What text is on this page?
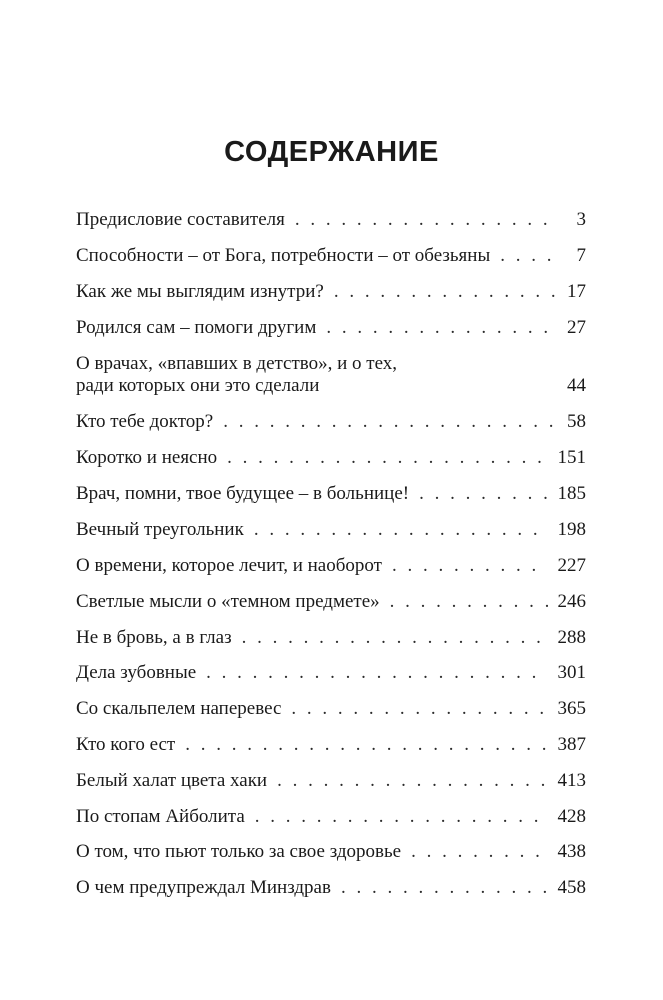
СОДЕРЖАНИЕ
Предисловие составителя . . .	3
Способности – от Бога, потребности – от обезьяны . . .	7
Как же мы выглядим изнутри? . . .	17
Родился сам – помоги другим . . .	27
О врачах, «впавших в детство», и о тех,
ради которых они это сделали	44
Кто тебе доктор? . . .	58
Коротко и неясно . . .	151
Врач, помни, твое будущее – в больнице! . . .	185
Вечный треугольник . . .	198
О времени, которое лечит, и наоборот . . .	227
Светлые мысли о «темном предмете» . . .	246
Не в бровь, а в глаз . . .	288
Дела зубовные . . .	301
Со скальпелем наперевес . . .	365
Кто кого ест . . .	387
Белый халат цвета хаки . . .	413
По стопам Айболита . . .	428
О том, что пьют только за свое здоровье . . .	438
О чем предупреждал Минздрав . . .	458
